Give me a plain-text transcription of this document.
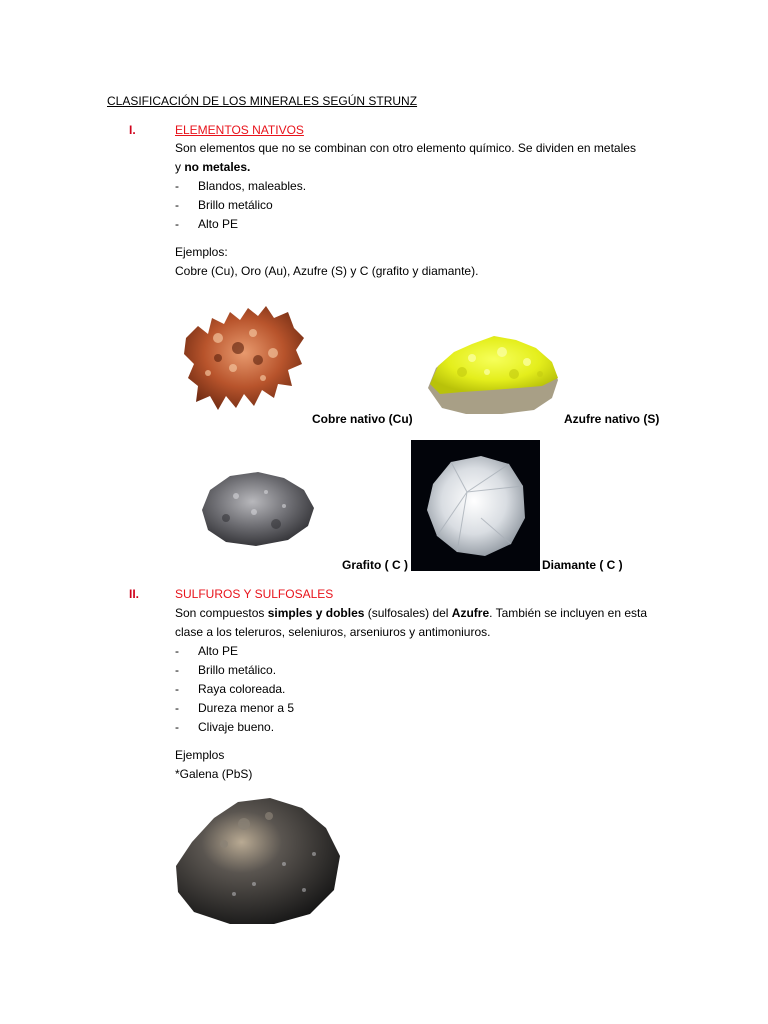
CLASIFICACIÓN DE LOS MINERALES SEGÚN STRUNZ
I.	ELEMENTOS NATIVOS
Son elementos que no se combinan con otro elemento químico. Se dividen en metales
y no metales.
- Blandos, maleables.
- Brillo metálico
- Alto PE
Ejemplos:
Cobre (Cu), Oro (Au), Azufre (S) y C (grafito y diamante).
Cobre nativo (Cu)	Azufre nativo (S)
Grafito ( C )	Diamante ( C )
II.	SULFUROS Y SULFOSALES
Son compuestos simples y dobles (sulfosales) del Azufre. También se incluyen en esta
clase a los teleruros, seleniuros, arseniuros y antimoniuros.
- Alto PE
- Brillo metálico.
- Raya coloreada.
- Dureza menor a 5
- Clivaje bueno.
Ejemplos
*Galena (PbS)
